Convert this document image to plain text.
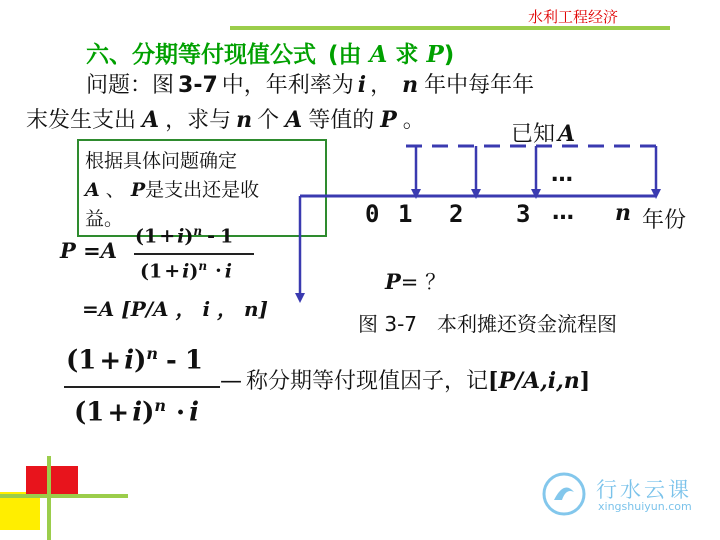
水利工程经济
六、分期等付现值公式 (由 A 求 P)
问题：图 3-7 中，年利率为 i ， n 年中每年年
末发生支出 A ，求与 n 个 A 等值的 P 。
根据具体问题确定
A 、 P是支出还是收
益。
P =A
$(1 + i)^n - 1$
$(1 + i)^n \cdot i$
=A [P/A ， i ， n]
已知 A
…
0 1 2 3 … n 年份
P= ？
图 3-7　本利摊还资金流程图
$(1 + i)^n - 1$
$(1 + i)^n \cdot i$
— 称分期等付现值因子，记[P/A,i,n]
行水云课
xingshuiyun.com
